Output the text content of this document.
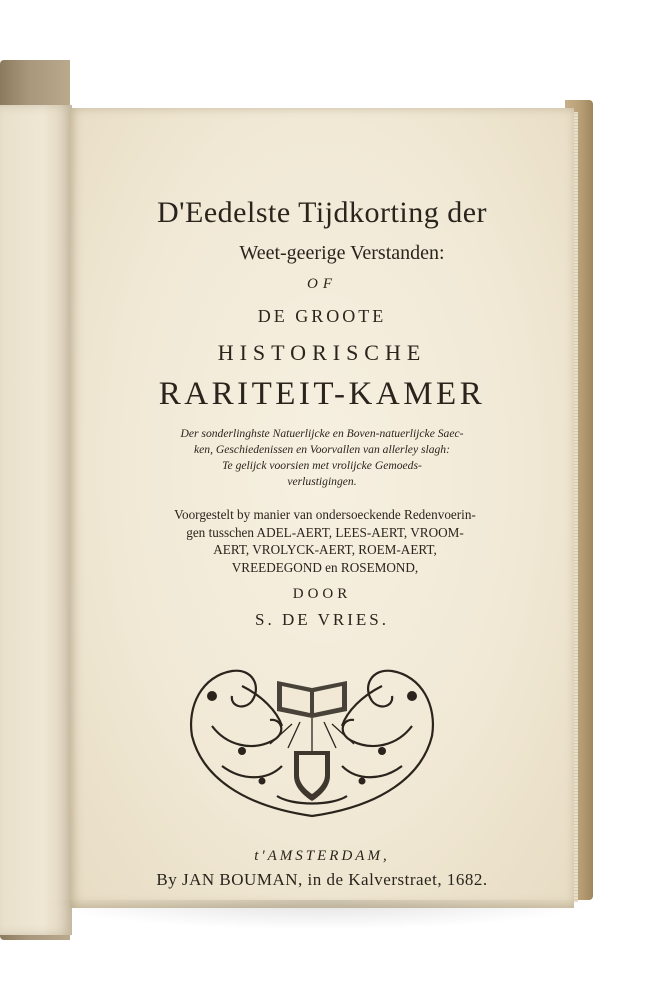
D'Eedelste Tijdkorting der
Weet-geerige Verstanden:
OF
DE GROOTE
HISTORISCHE
RARITEIT-KAMER
Der sonderlinghste Natuerlijcke en Boven-natuerlijcke Saec-
ken, Geschiedenissen en Voorvallen van allerley slagh:
Te gelijck voorsien met vrolijcke Gemoeds-
verlustigingen.
Voorgestelt by manier van ondersoeckende Redenvoerin-
gen tusschen ADEL-AERT, LEES-AERT, VROOM-
AERT, VROLYCK-AERT, ROEM-AERT,
VREEDEGOND en ROSEMOND,
DOOR
S. DE VRIES.
t'AMSTERDAM,
By JAN BOUMAN, in de Kalverstraet, 1682.
